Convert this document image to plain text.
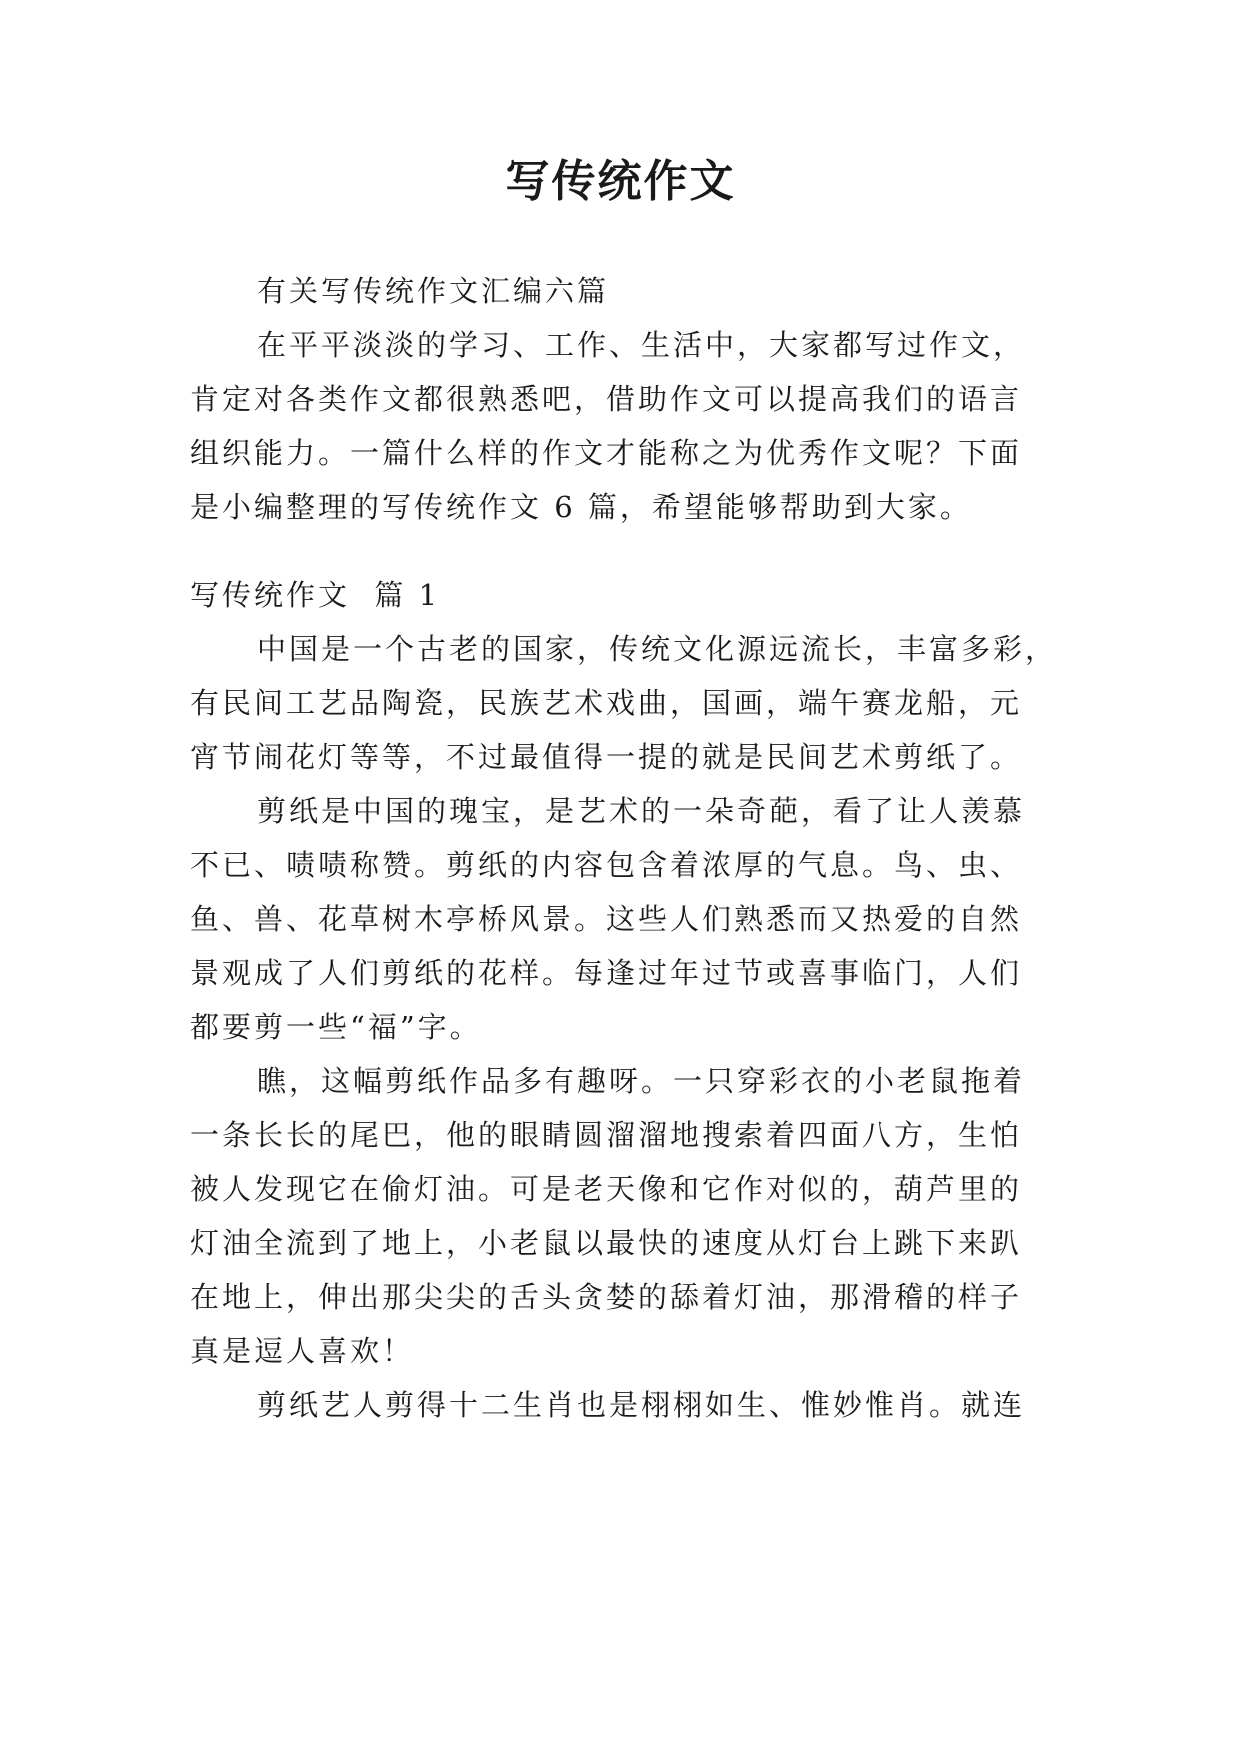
写传统作文
有关写传统作文汇编六篇
在平平淡淡的学习、工作、生活中，大家都写过作文，
肯定对各类作文都很熟悉吧，借助作文可以提高我们的语言
组织能力。一篇什么样的作文才能称之为优秀作文呢？下面
是小编整理的写传统作文 6 篇，希望能够帮助到大家。
写传统作文  篇 1
中国是一个古老的国家，传统文化源远流长，丰富多彩，
有民间工艺品陶瓷，民族艺术戏曲，国画，端午赛龙船，元
宵节闹花灯等等，不过最值得一提的就是民间艺术剪纸了。
剪纸是中国的瑰宝，是艺术的一朵奇葩，看了让人羡慕
不已、啧啧称赞。剪纸的内容包含着浓厚的气息。鸟、虫、
鱼、兽、花草树木亭桥风景。这些人们熟悉而又热爱的自然
景观成了人们剪纸的花样。每逢过年过节或喜事临门，人们
都要剪一些“福”字。
瞧，这幅剪纸作品多有趣呀。一只穿彩衣的小老鼠拖着
一条长长的尾巴，他的眼睛圆溜溜地搜索着四面八方，生怕
被人发现它在偷灯油。可是老天像和它作对似的，葫芦里的
灯油全流到了地上，小老鼠以最快的速度从灯台上跳下来趴
在地上，伸出那尖尖的舌头贪婪的舔着灯油，那滑稽的样子
真是逗人喜欢！
剪纸艺人剪得十二生肖也是栩栩如生、惟妙惟肖。就连
